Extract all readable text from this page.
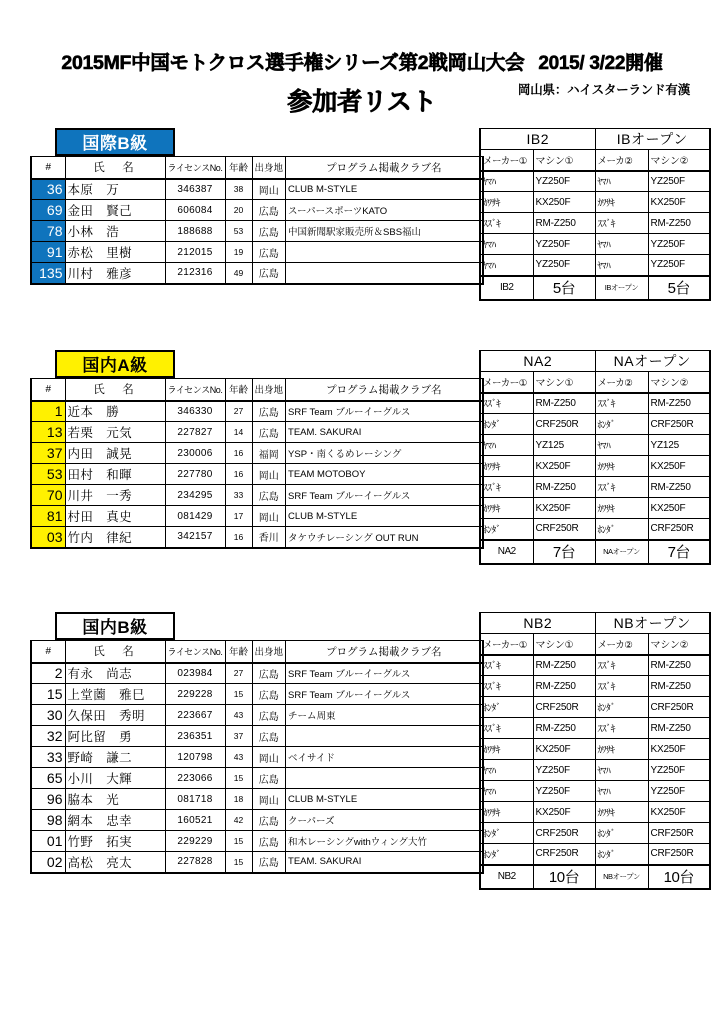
2015MF中国モトクロス選手権シリーズ第2戦岡山大会 2015/ 3/22開催
参加者リスト	岡山県：ハイスターランド有漢
国際B級
#	氏　名	ライセンスNo.	年齢	出身地	プログラム掲載クラブ名
36	本原　万	346387	38	岡山	CLUB M-STYLE
69	金田　賢己	606084	20	広島	スーパースポーツKATO
78	小林　浩	188688	53	広島	中国新聞駅家販売所＆SBS福山
91	赤松　里樹	212015	19	広島	
135	川村　雅彦	212316	49	広島	
IB2		IBオープン	
メーカー①	マシン①	メーカ②	マシン②
ﾔﾏﾊ	YZ250F	ﾔﾏﾊ	YZ250F
ｶﾜｻｷ	KX250F	ｶﾜｻｷ	KX250F
ｽｽﾞｷ	RM-Z250	ｽｽﾞｷ	RM-Z250
ﾔﾏﾊ	YZ250F	ﾔﾏﾊ	YZ250F
ﾔﾏﾊ	YZ250F	ﾔﾏﾊ	YZ250F
IB2	5台	IBオープン	5台
国内A級
#	氏　名	ライセンスNo.	年齢	出身地	プログラム掲載クラブ名
1	近本　勝	346330	27	広島	SRF Team ブルーイーグルス
13	若栗　元気	227827	14	広島	TEAM. SAKURAI
37	内田　誠晃	230006	16	福岡	YSP・南くるめレーシング
53	田村　和暉	227780	16	岡山	TEAM MOTOBOY
70	川井　一秀	234295	33	広島	SRF Team ブルーイーグルス
81	村田　真史	081429	17	岡山	CLUB M-STYLE
03	竹内　律紀	342157	16	香川	タケウチレーシング OUT RUN
NA2		NAオープン	
メーカー①	マシン①	メーカ②	マシン②
ｽｽﾞｷ	RM-Z250	ｽｽﾞｷ	RM-Z250
ﾎﾝﾀﾞ	CRF250R	ﾎﾝﾀﾞ	CRF250R
ﾔﾏﾊ	YZ125	ﾔﾏﾊ	YZ125
ｶﾜｻｷ	KX250F	ｶﾜｻｷ	KX250F
ｽｽﾞｷ	RM-Z250	ｽｽﾞｷ	RM-Z250
ｶﾜｻｷ	KX250F	ｶﾜｻｷ	KX250F
ﾎﾝﾀﾞ	CRF250R	ﾎﾝﾀﾞ	CRF250R
NA2	7台	NAオープン	7台
国内B級
#	氏　名	ライセンスNo.	年齢	出身地	プログラム掲載クラブ名
2	有永　尚志	023984	27	広島	SRF Team ブルーイーグルス
15	上堂薗　雅巳	229228	15	広島	SRF Team ブルーイーグルス
30	久保田　秀明	223667	43	広島	チーム周東
32	阿比留　勇	236351	37	広島	
33	野崎　謙二	120798	43	岡山	ベイサイド
65	小川　大輝	223066	15	広島	
96	脇本　光	081718	18	岡山	CLUB M-STYLE
98	網本　忠幸	160521	42	広島	クーパーズ
01	竹野　拓実	229229	15	広島	和木レーシングwithウィング大竹
02	高松　亮太	227828	15	広島	TEAM. SAKURAI
NB2		NBオープン	
メーカー①	マシン①	メーカ②	マシン②
ｽｽﾞｷ	RM-Z250	ｽｽﾞｷ	RM-Z250
ｽｽﾞｷ	RM-Z250	ｽｽﾞｷ	RM-Z250
ﾎﾝﾀﾞ	CRF250R	ﾎﾝﾀﾞ	CRF250R
ｽｽﾞｷ	RM-Z250	ｽｽﾞｷ	RM-Z250
ｶﾜｻｷ	KX250F	ｶﾜｻｷ	KX250F
ﾔﾏﾊ	YZ250F	ﾔﾏﾊ	YZ250F
ﾔﾏﾊ	YZ250F	ﾔﾏﾊ	YZ250F
ｶﾜｻｷ	KX250F	ｶﾜｻｷ	KX250F
ﾎﾝﾀﾞ	CRF250R	ﾎﾝﾀﾞ	CRF250R
ﾎﾝﾀﾞ	CRF250R	ﾎﾝﾀﾞ	CRF250R
NB2	10台	NBオープン	10台
